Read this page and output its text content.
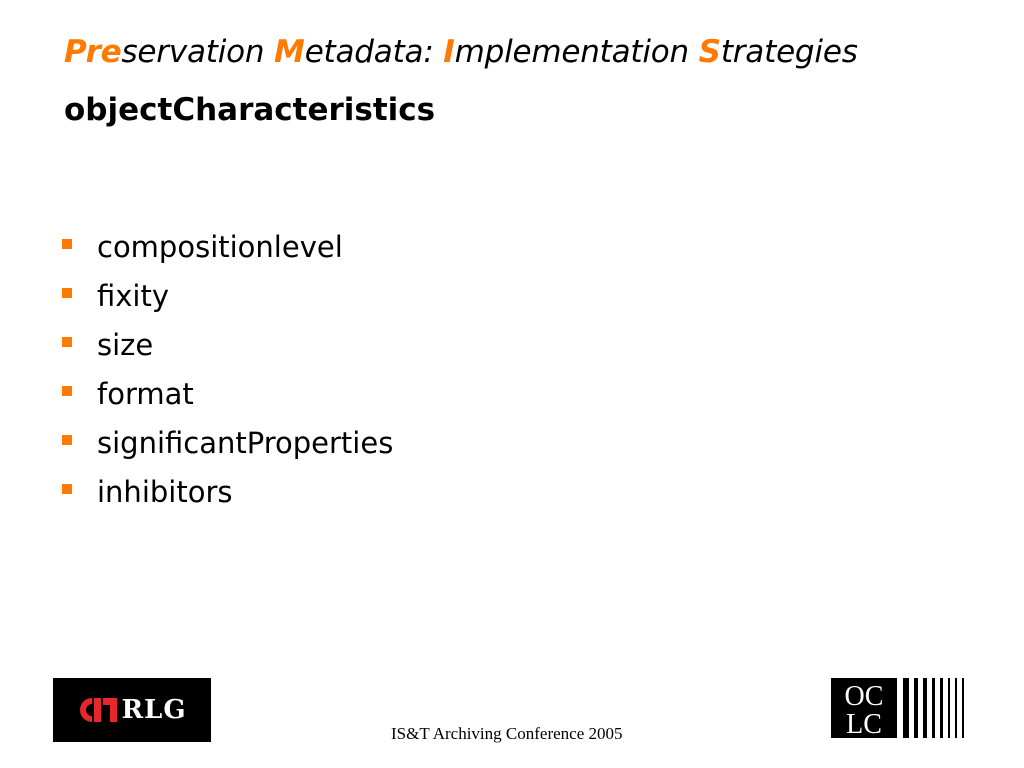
Preservation Metadata: Implementation Strategies
objectCharacteristics
compositionlevel
fixity
size
format
significantProperties
inhibitors
RLG
IS&T Archiving Conference 2005
OC
LC
